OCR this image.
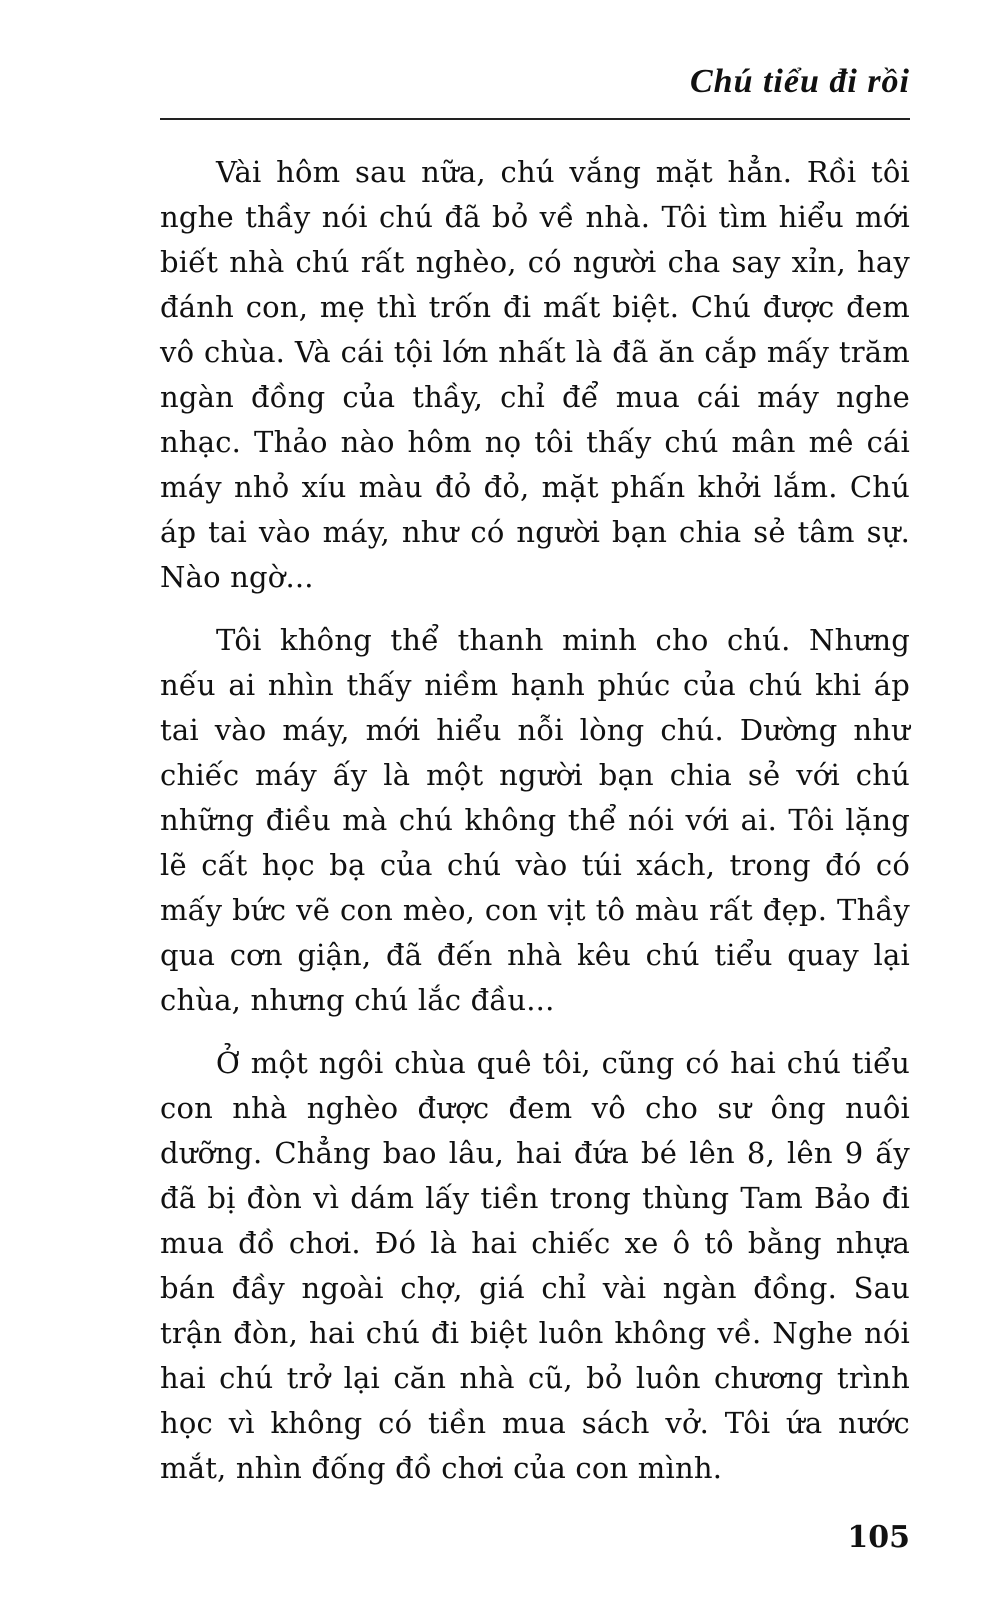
Chú tiểu đi rồi

Vài hôm sau nữa, chú vắng mặt hẳn. Rồi tôi nghe thầy nói chú đã bỏ về nhà. Tôi tìm hiểu mới biết nhà chú rất nghèo, có người cha say xỉn, hay đánh con, mẹ thì trốn đi mất biệt. Chú được đem vô chùa. Và cái tội lớn nhất là đã ăn cắp mấy trăm ngàn đồng của thầy, chỉ để mua cái máy nghe nhạc. Thảo nào hôm nọ tôi thấy chú mân mê cái máy nhỏ xíu màu đỏ đỏ, mặt phấn khởi lắm. Chú áp tai vào máy, như có người bạn chia sẻ tâm sự. Nào ngờ...

Tôi không thể thanh minh cho chú. Nhưng nếu ai nhìn thấy niềm hạnh phúc của chú khi áp tai vào máy, mới hiểu nỗi lòng chú. Dường như chiếc máy ấy là một người bạn chia sẻ với chú những điều mà chú không thể nói với ai. Tôi lặng lẽ cất học bạ của chú vào túi xách, trong đó có mấy bức vẽ con mèo, con vịt tô màu rất đẹp. Thầy qua cơn giận, đã đến nhà kêu chú tiểu quay lại chùa, nhưng chú lắc đầu...

Ở một ngôi chùa quê tôi, cũng có hai chú tiểu con nhà nghèo được đem vô cho sư ông nuôi dưỡng. Chẳng bao lâu, hai đứa bé lên 8, lên 9 ấy đã bị đòn vì dám lấy tiền trong thùng Tam Bảo đi mua đồ chơi. Đó là hai chiếc xe ô tô bằng nhựa bán đầy ngoài chợ, giá chỉ vài ngàn đồng. Sau trận đòn, hai chú đi biệt luôn không về. Nghe nói hai chú trở lại căn nhà cũ, bỏ luôn chương trình học vì không có tiền mua sách vở. Tôi ứa nước mắt, nhìn đống đồ chơi của con mình.

105
